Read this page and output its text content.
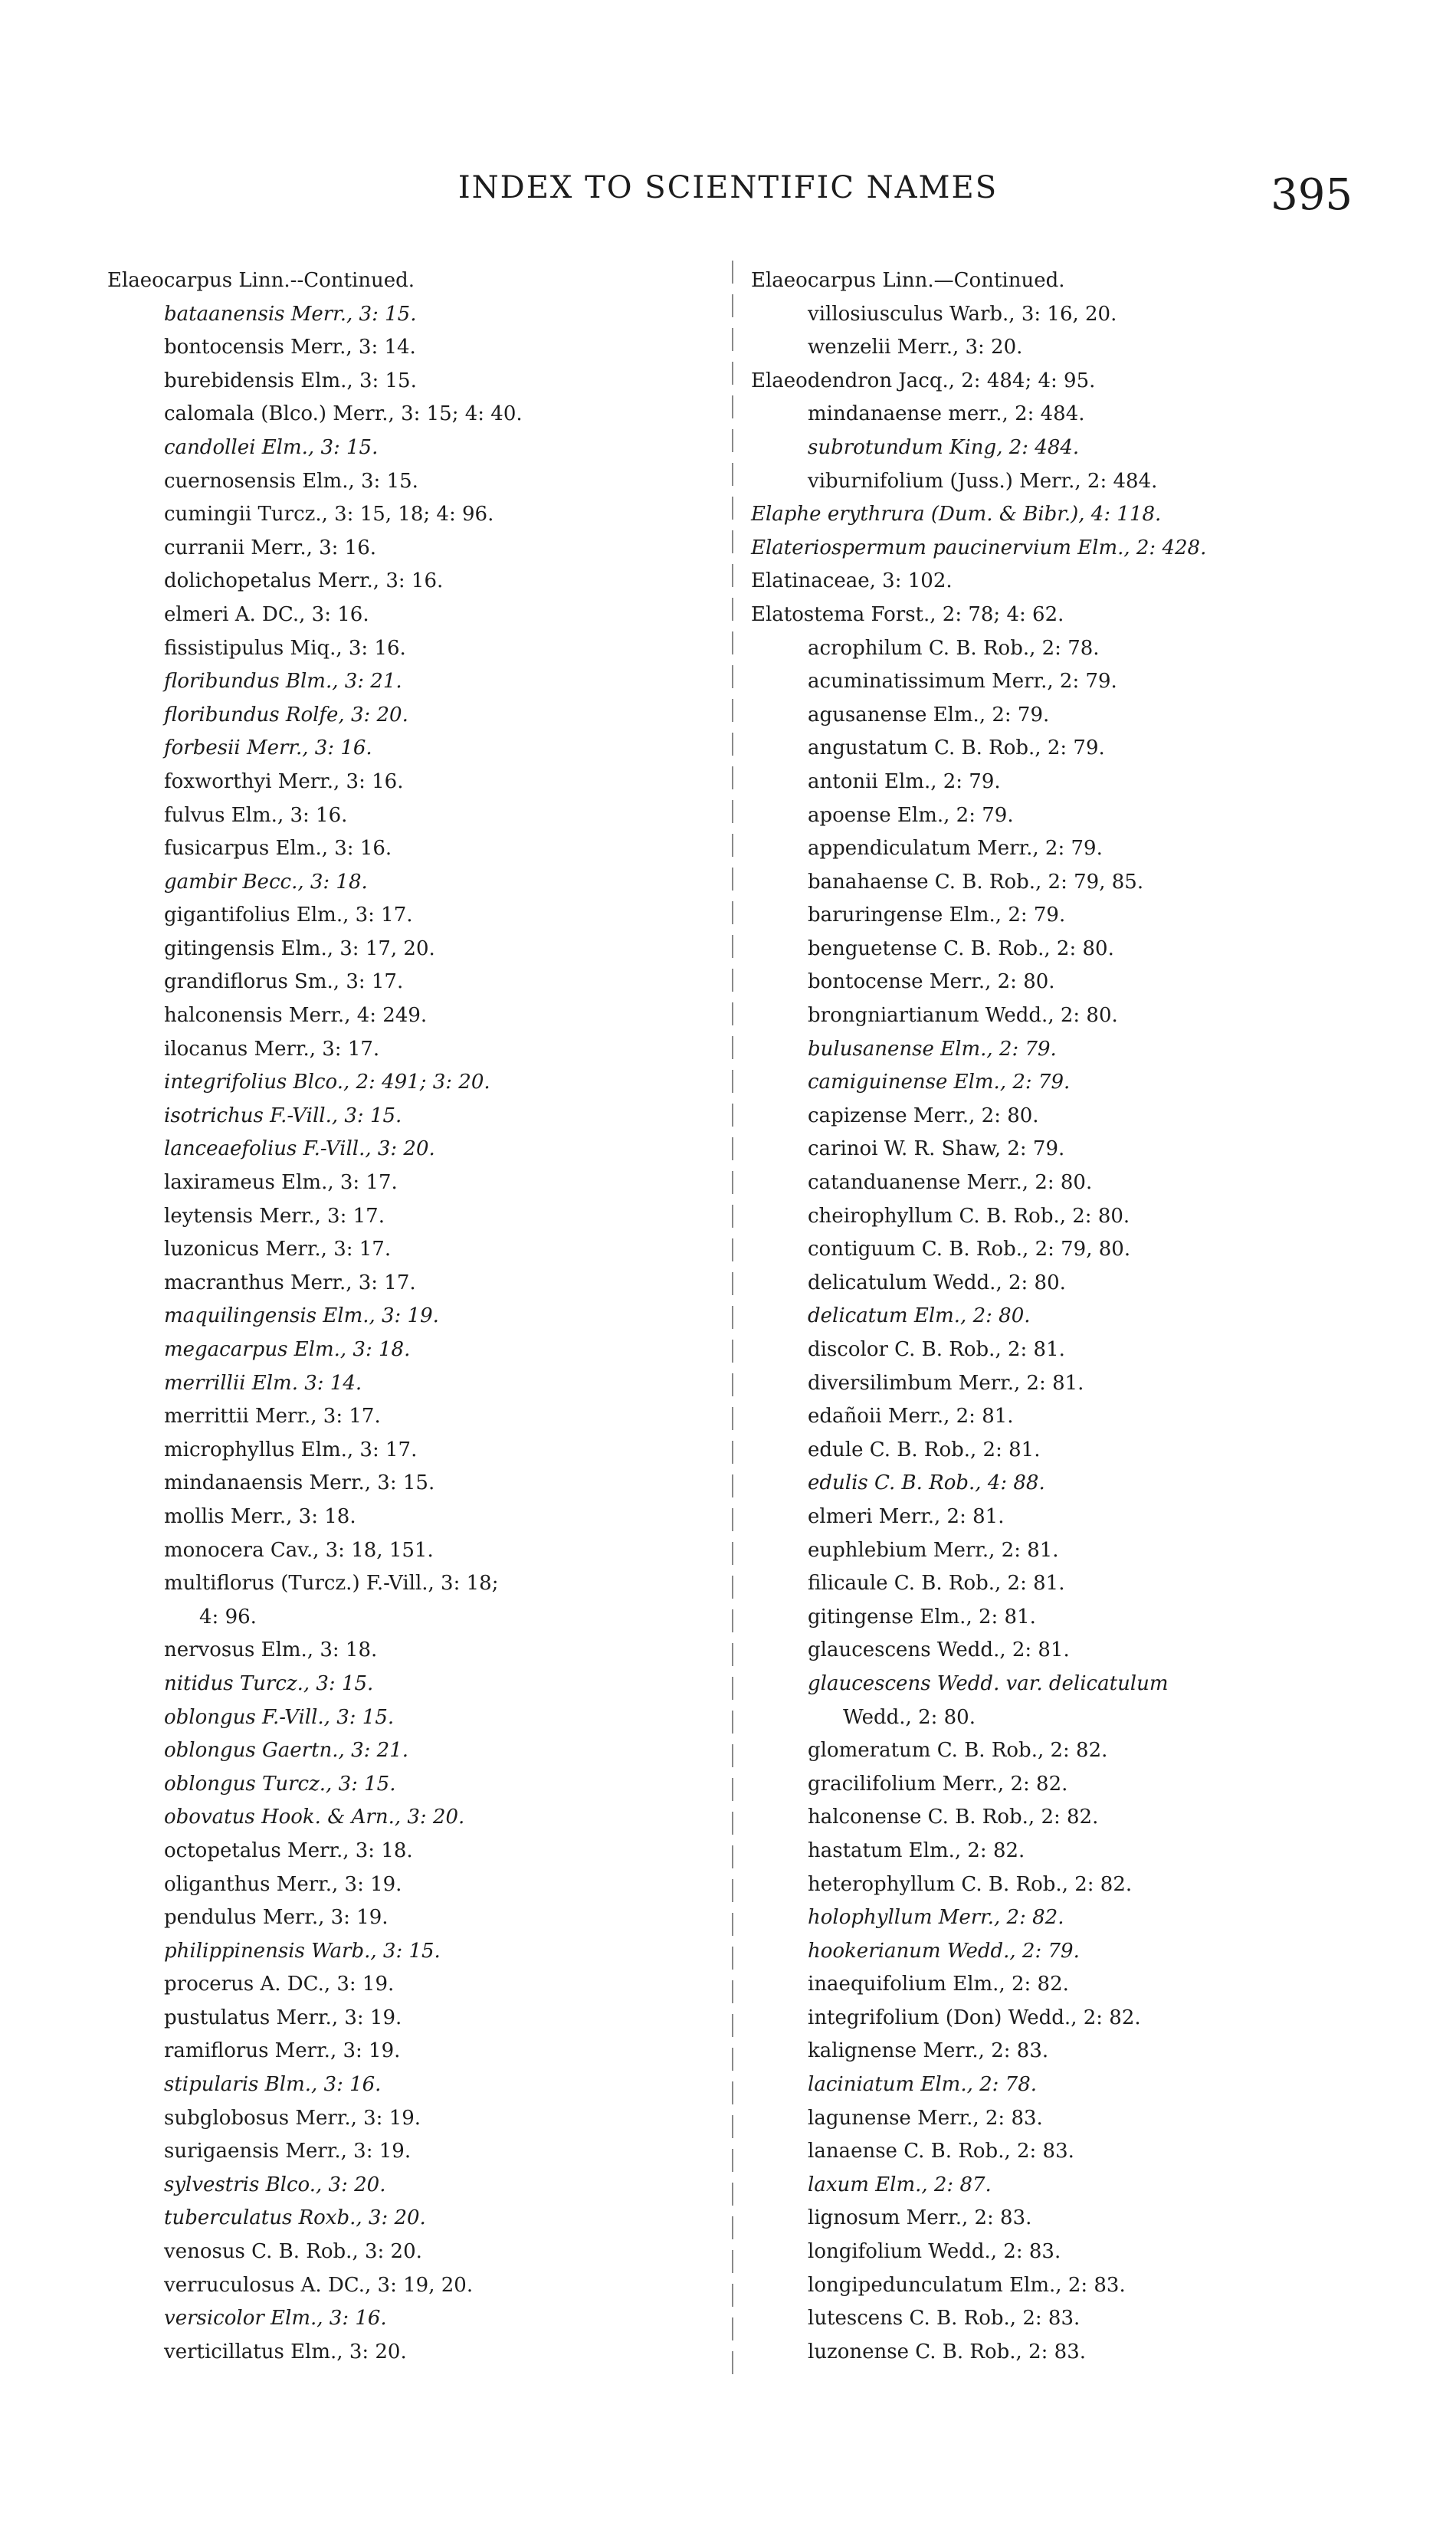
INDEX TO SCIENTIFIC NAMES	395
Elaeocarpus Linn.--Continued.
bataanensis Merr., 3: 15.
bontocensis Merr., 3: 14.
burebidensis Elm., 3: 15.
calomala (Blco.) Merr., 3: 15; 4: 40.
candollei Elm., 3: 15.
cuernosensis Elm., 3: 15.
cumingii Turcz., 3: 15, 18; 4: 96.
curranii Merr., 3: 16.
dolichopetalus Merr., 3: 16.
elmeri A. DC., 3: 16.
fissistipulus Miq., 3: 16.
floribundus Blm., 3: 21.
floribundus Rolfe, 3: 20.
forbesii Merr., 3: 16.
foxworthyi Merr., 3: 16.
fulvus Elm., 3: 16.
fusicarpus Elm., 3: 16.
gambir Becc., 3: 18.
gigantifolius Elm., 3: 17.
gitingensis Elm., 3: 17, 20.
grandiflorus Sm., 3: 17.
halconensis Merr., 4: 249.
ilocanus Merr., 3: 17.
integrifolius Blco., 2: 491; 3: 20.
isotrichus F.-Vill., 3: 15.
lanceaefolius F.-Vill., 3: 20.
laxirameus Elm., 3: 17.
leytensis Merr., 3: 17.
luzonicus Merr., 3: 17.
macranthus Merr., 3: 17.
maquilingensis Elm., 3: 19.
megacarpus Elm., 3: 18.
merrillii Elm. 3: 14.
merrittii Merr., 3: 17.
microphyllus Elm., 3: 17.
mindanaensis Merr., 3: 15.
mollis Merr., 3: 18.
monocera Cav., 3: 18, 151.
multiflorus (Turcz.) F.-Vill., 3: 18;
4: 96.
nervosus Elm., 3: 18.
nitidus Turcz., 3: 15.
oblongus F.-Vill., 3: 15.
oblongus Gaertn., 3: 21.
oblongus Turcz., 3: 15.
obovatus Hook. & Arn., 3: 20.
octopetalus Merr., 3: 18.
oliganthus Merr., 3: 19.
pendulus Merr., 3: 19.
philippinensis Warb., 3: 15.
procerus A. DC., 3: 19.
pustulatus Merr., 3: 19.
ramiflorus Merr., 3: 19.
stipularis Blm., 3: 16.
subglobosus Merr., 3: 19.
surigaensis Merr., 3: 19.
sylvestris Blco., 3: 20.
tuberculatus Roxb., 3: 20.
venosus C. B. Rob., 3: 20.
verruculosus A. DC., 3: 19, 20.
versicolor Elm., 3: 16.
verticillatus Elm., 3: 20.
Elaeocarpus Linn.—Continued.
villosiusculus Warb., 3: 16, 20.
wenzelii Merr., 3: 20.
Elaeodendron Jacq., 2: 484; 4: 95.
mindanaense merr., 2: 484.
subrotundum King, 2: 484.
viburnifolium (Juss.) Merr., 2: 484.
Elaphe erythrura (Dum. & Bibr.), 4: 118.
Elateriospermum paucinervium Elm., 2: 428.
Elatinaceae, 3: 102.
Elatostema Forst., 2: 78; 4: 62.
acrophilum C. B. Rob., 2: 78.
acuminatissimum Merr., 2: 79.
agusanense Elm., 2: 79.
angustatum C. B. Rob., 2: 79.
antonii Elm., 2: 79.
apoense Elm., 2: 79.
appendiculatum Merr., 2: 79.
banahaense C. B. Rob., 2: 79, 85.
baruringense Elm., 2: 79.
benguetense C. B. Rob., 2: 80.
bontocense Merr., 2: 80.
brongniartianum Wedd., 2: 80.
bulusanense Elm., 2: 79.
camiguinense Elm., 2: 79.
capizense Merr., 2: 80.
carinoi W. R. Shaw, 2: 79.
catanduanense Merr., 2: 80.
cheirophyllum C. B. Rob., 2: 80.
contiguum C. B. Rob., 2: 79, 80.
delicatulum Wedd., 2: 80.
delicatum Elm., 2: 80.
discolor C. B. Rob., 2: 81.
diversilimbum Merr., 2: 81.
edañoii Merr., 2: 81.
edule C. B. Rob., 2: 81.
edulis C. B. Rob., 4: 88.
elmeri Merr., 2: 81.
euphlebium Merr., 2: 81.
filicaule C. B. Rob., 2: 81.
gitingense Elm., 2: 81.
glaucescens Wedd., 2: 81.
glaucescens Wedd. var. delicatulum
Wedd., 2: 80.
glomeratum C. B. Rob., 2: 82.
gracilifolium Merr., 2: 82.
halconense C. B. Rob., 2: 82.
hastatum Elm., 2: 82.
heterophyllum C. B. Rob., 2: 82.
holophyllum Merr., 2: 82.
hookerianum Wedd., 2: 79.
inaequifolium Elm., 2: 82.
integrifolium (Don) Wedd., 2: 82.
kalignense Merr., 2: 83.
laciniatum Elm., 2: 78.
lagunense Merr., 2: 83.
lanaense C. B. Rob., 2: 83.
laxum Elm., 2: 87.
lignosum Merr., 2: 83.
longifolium Wedd., 2: 83.
longipedunculatum Elm., 2: 83.
lutescens C. B. Rob., 2: 83.
luzonense C. B. Rob., 2: 83.
